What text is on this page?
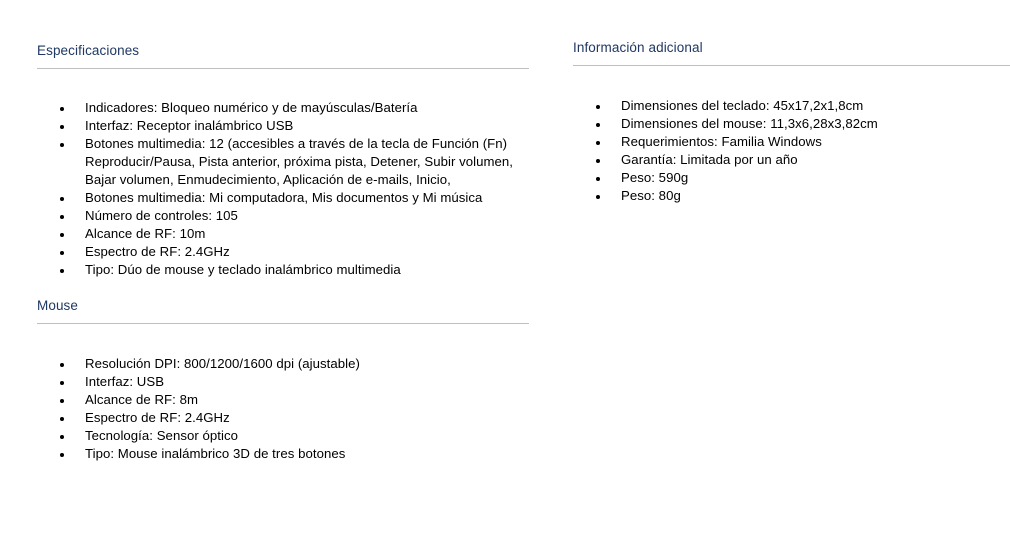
Especificaciones
Indicadores: Bloqueo numérico y de mayúsculas/Batería
Interfaz: Receptor inalámbrico USB
Botones multimedia: 12 (accesibles a través de la tecla de Función (Fn) Reproducir/Pausa, Pista anterior, próxima pista, Detener, Subir volumen, Bajar volumen, Enmudecimiento, Aplicación de e-mails, Inicio,
Botones multimedia: Mi computadora, Mis documentos y Mi música
Número de controles: 105
Alcance de RF: 10m
Espectro de RF: 2.4GHz
Tipo: Dúo de mouse y teclado inalámbrico multimedia
Mouse
Resolución DPI: 800/1200/1600 dpi (ajustable)
Interfaz: USB
Alcance de RF: 8m
Espectro de RF: 2.4GHz
Tecnología: Sensor óptico
Tipo: Mouse inalámbrico 3D de tres botones
Información adicional
Dimensiones del teclado: 45x17,2x1,8cm
Dimensiones del mouse: 11,3x6,28x3,82cm
Requerimientos: Familia Windows
Garantía: Limitada por un año
Peso: 590g
Peso: 80g
